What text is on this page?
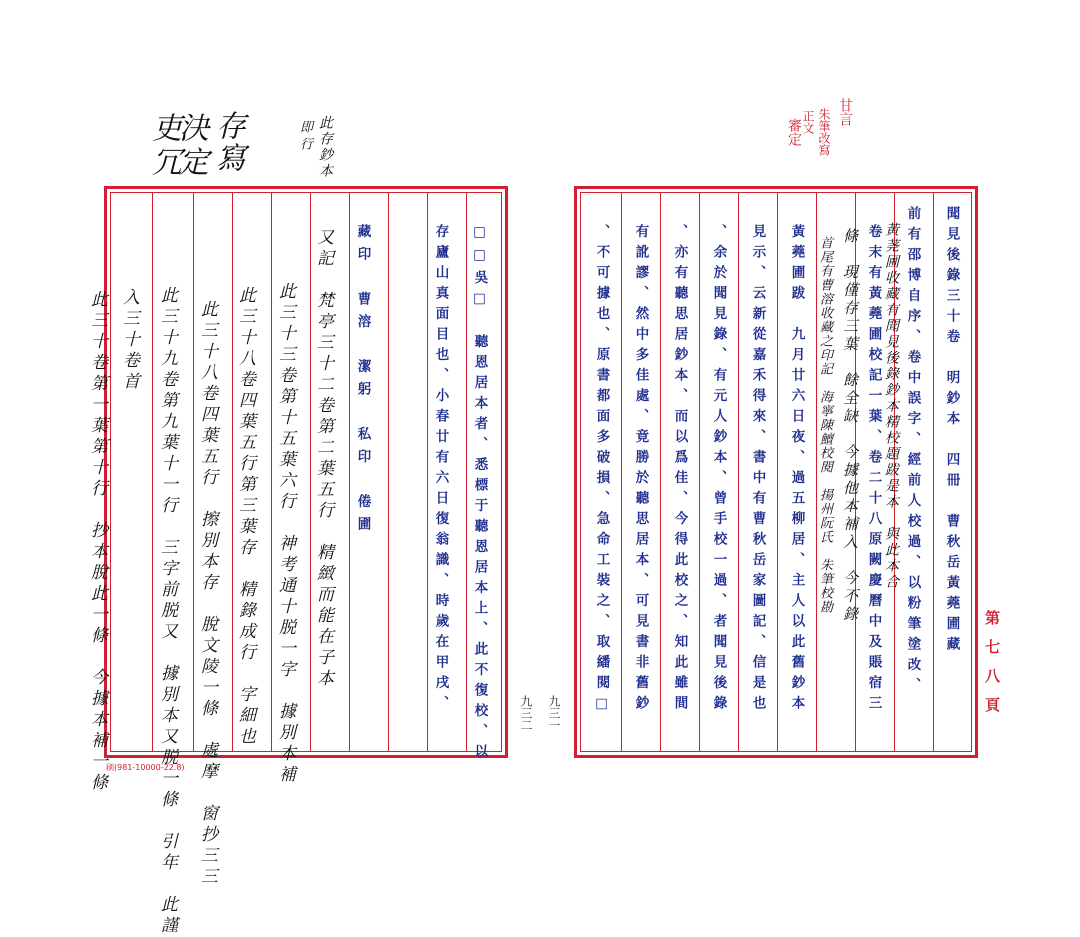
吏冗
決定 存寫	此存鈔本
即行
□□吳□　聽恩居本者、悉標于聽恩居本上、此不復校、以
存廬山真面目也、小春廿有六日復翁識、時歲在甲戌、
藏印　曹溶　潔躬　私印　倦圃
又記　梵亭三十二卷第二葉五行　精緻而能在子本
此三十三卷第十五葉六行　神考通十脱一字　據別本補
此三十八卷四葉五行第三葉存　精錄成行　字細也
此三十八卷四葉五行　擦別本存　脫文陵一條　處摩　窗抄三三
此三十九卷第九葉十一行　三字前脱又　據別本又脱一條　引年　此謹
入三十卷首
此三十卷第一葉第十行　抄本脫此一條　今據本補一條	九三二
刷(981-10000-22.8)
甘言
朱筆改寫
正文
審定
聞見後錄三十卷　明鈔本　四冊　曹秋岳黃蕘圃藏
前有邵博自序、卷中誤字、經前人校過、以粉筆塗改、
黃荛圃收藏有聞見後錄鈔本精校題跋是本　與此本合
卷末有黃蕘圃校記一葉、卷二十八原闕慶曆中及賬宿三
條　現僅存三葉　餘全缺　今據他本補入　今不錄
首尾有曹溶收藏之印記　海寧陳鱣校閱　揚州阮氏　朱筆校勘
黃蕘圃跋　九月廿六日夜、過五柳居、主人以此舊鈔本
見示、云新從嘉禾得來、書中有曹秋岳家圖記、信是也
、余於聞見錄、有元人鈔本、曾手校一過、者聞見後錄
、亦有聽思居鈔本、而以爲佳、今得此校之、知此雖間
有訛謬、然中多佳處、竟勝於聽思居本、可見書非舊鈔
、不可據也、原書都面多破損、急命工裝之、取繙閱□	第七八頁
九三一
